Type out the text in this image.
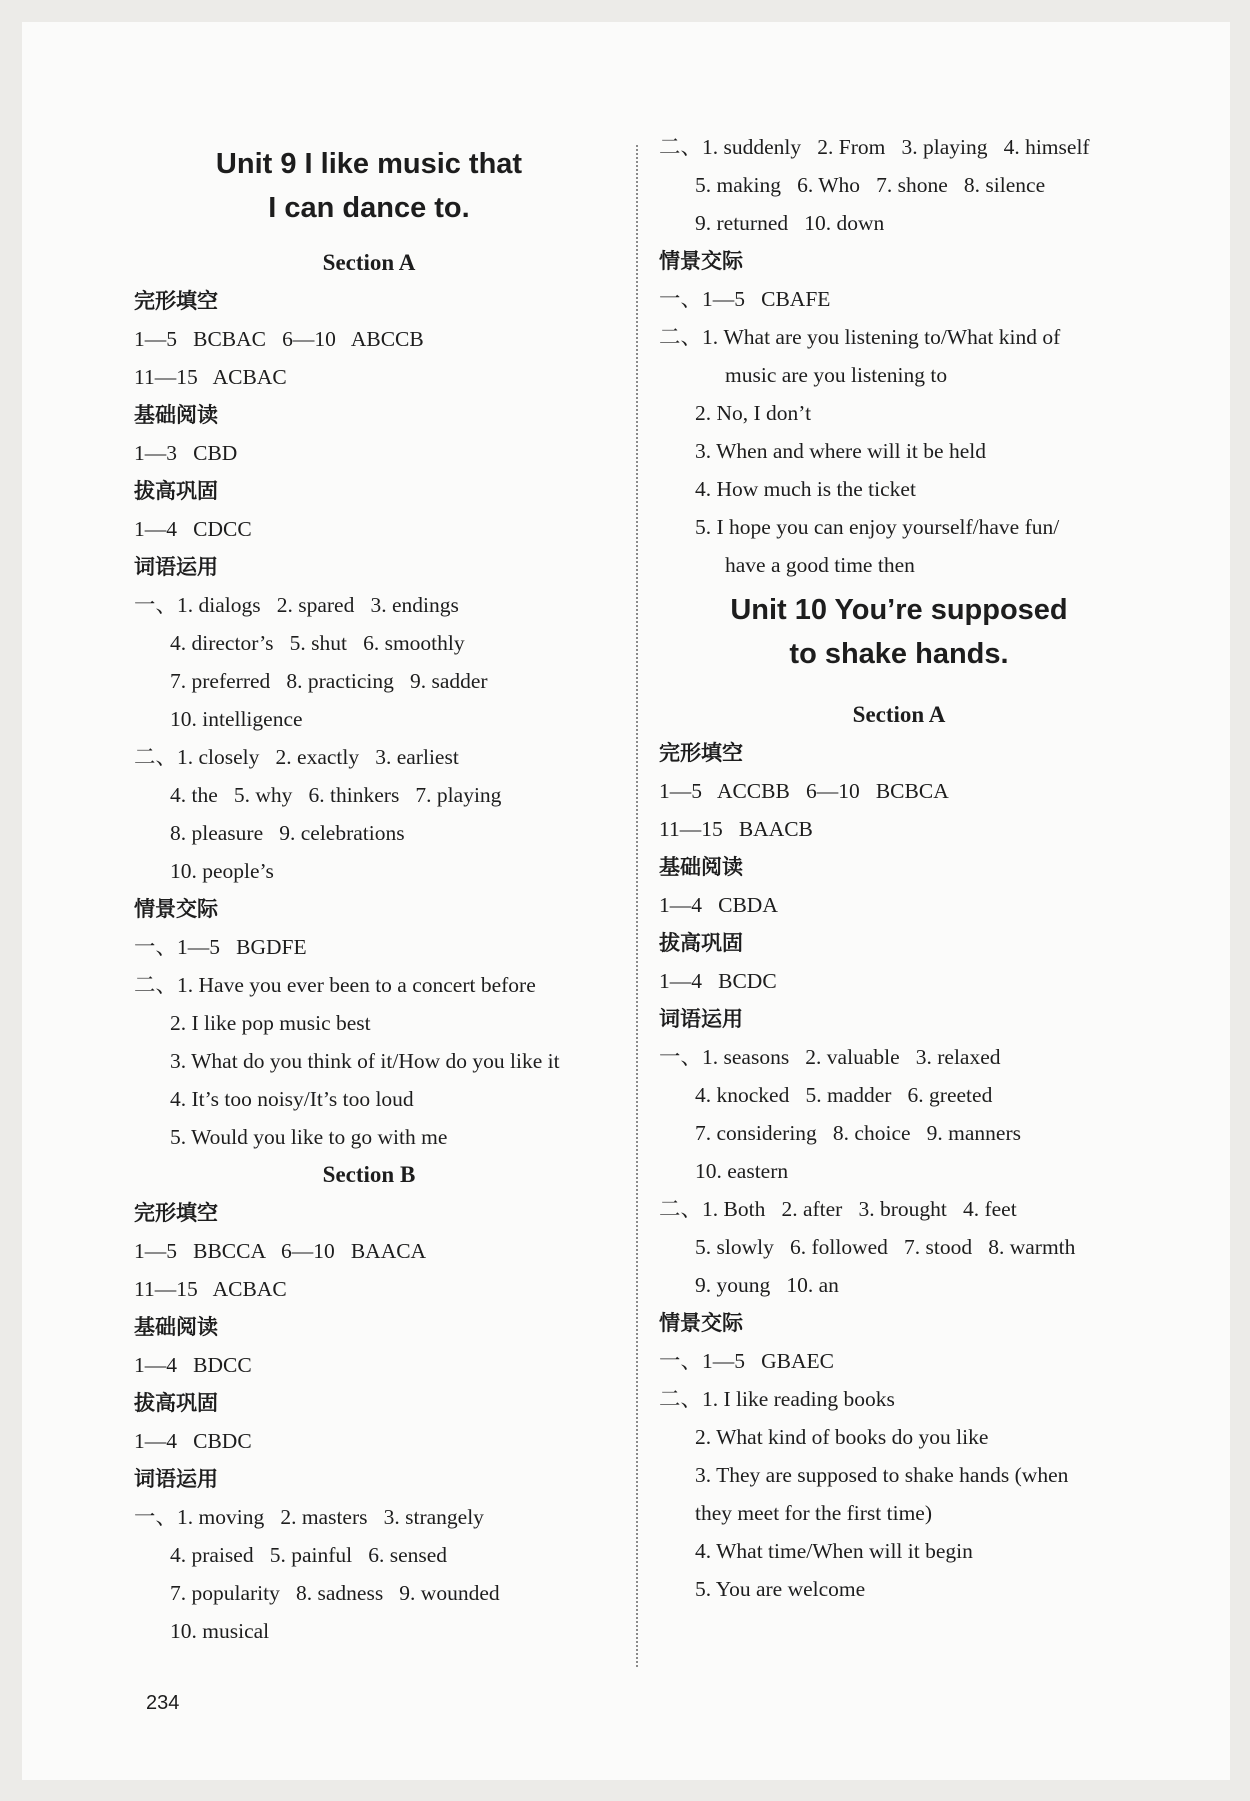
Unit 9 I like music that
I can dance to.
Section A
完形填空
1—5   BCBAC   6—10   ABCCB
11—15   ACBAC
基础阅读
1—3   CBD
拔高巩固
1—4   CDCC
词语运用
一、1. dialogs   2. spared   3. endings
4. director’s   5. shut   6. smoothly
7. preferred   8. practicing   9. sadder
10. intelligence
二、1. closely   2. exactly   3. earliest
4. the   5. why   6. thinkers   7. playing
8. pleasure   9. celebrations
10. people’s
情景交际
一、1—5   BGDFE
二、1. Have you ever been to a concert before
2. I like pop music best
3. What do you think of it/How do you like it
4. It’s too noisy/It’s too loud
5. Would you like to go with me
Section B
完形填空
1—5   BBCCA   6—10   BAACA
11—15   ACBAC
基础阅读
1—4   BDCC
拔高巩固
1—4   CBDC
词语运用
一、1. moving   2. masters   3. strangely
4. praised   5. painful   6. sensed
7. popularity   8. sadness   9. wounded
10. musical
二、1. suddenly   2. From   3. playing   4. himself
5. making   6. Who   7. shone   8. silence
9. returned   10. down
情景交际
一、1—5   CBAFE
二、1. What are you listening to/What kind of
music are you listening to
2. No, I don’t
3. When and where will it be held
4. How much is the ticket
5. I hope you can enjoy yourself/have fun/
have a good time then
Unit 10 You’re supposed
to shake hands.
Section A
完形填空
1—5   ACCBB   6—10   BCBCA
11—15   BAACB
基础阅读
1—4   CBDA
拔高巩固
1—4   BCDC
词语运用
一、1. seasons   2. valuable   3. relaxed
4. knocked   5. madder   6. greeted
7. considering   8. choice   9. manners
10. eastern
二、1. Both   2. after   3. brought   4. feet
5. slowly   6. followed   7. stood   8. warmth
9. young   10. an
情景交际
一、1—5   GBAEC
二、1. I like reading books
2. What kind of books do you like
3. They are supposed to shake hands (when
they meet for the first time)
4. What time/When will it begin
5. You are welcome
234
